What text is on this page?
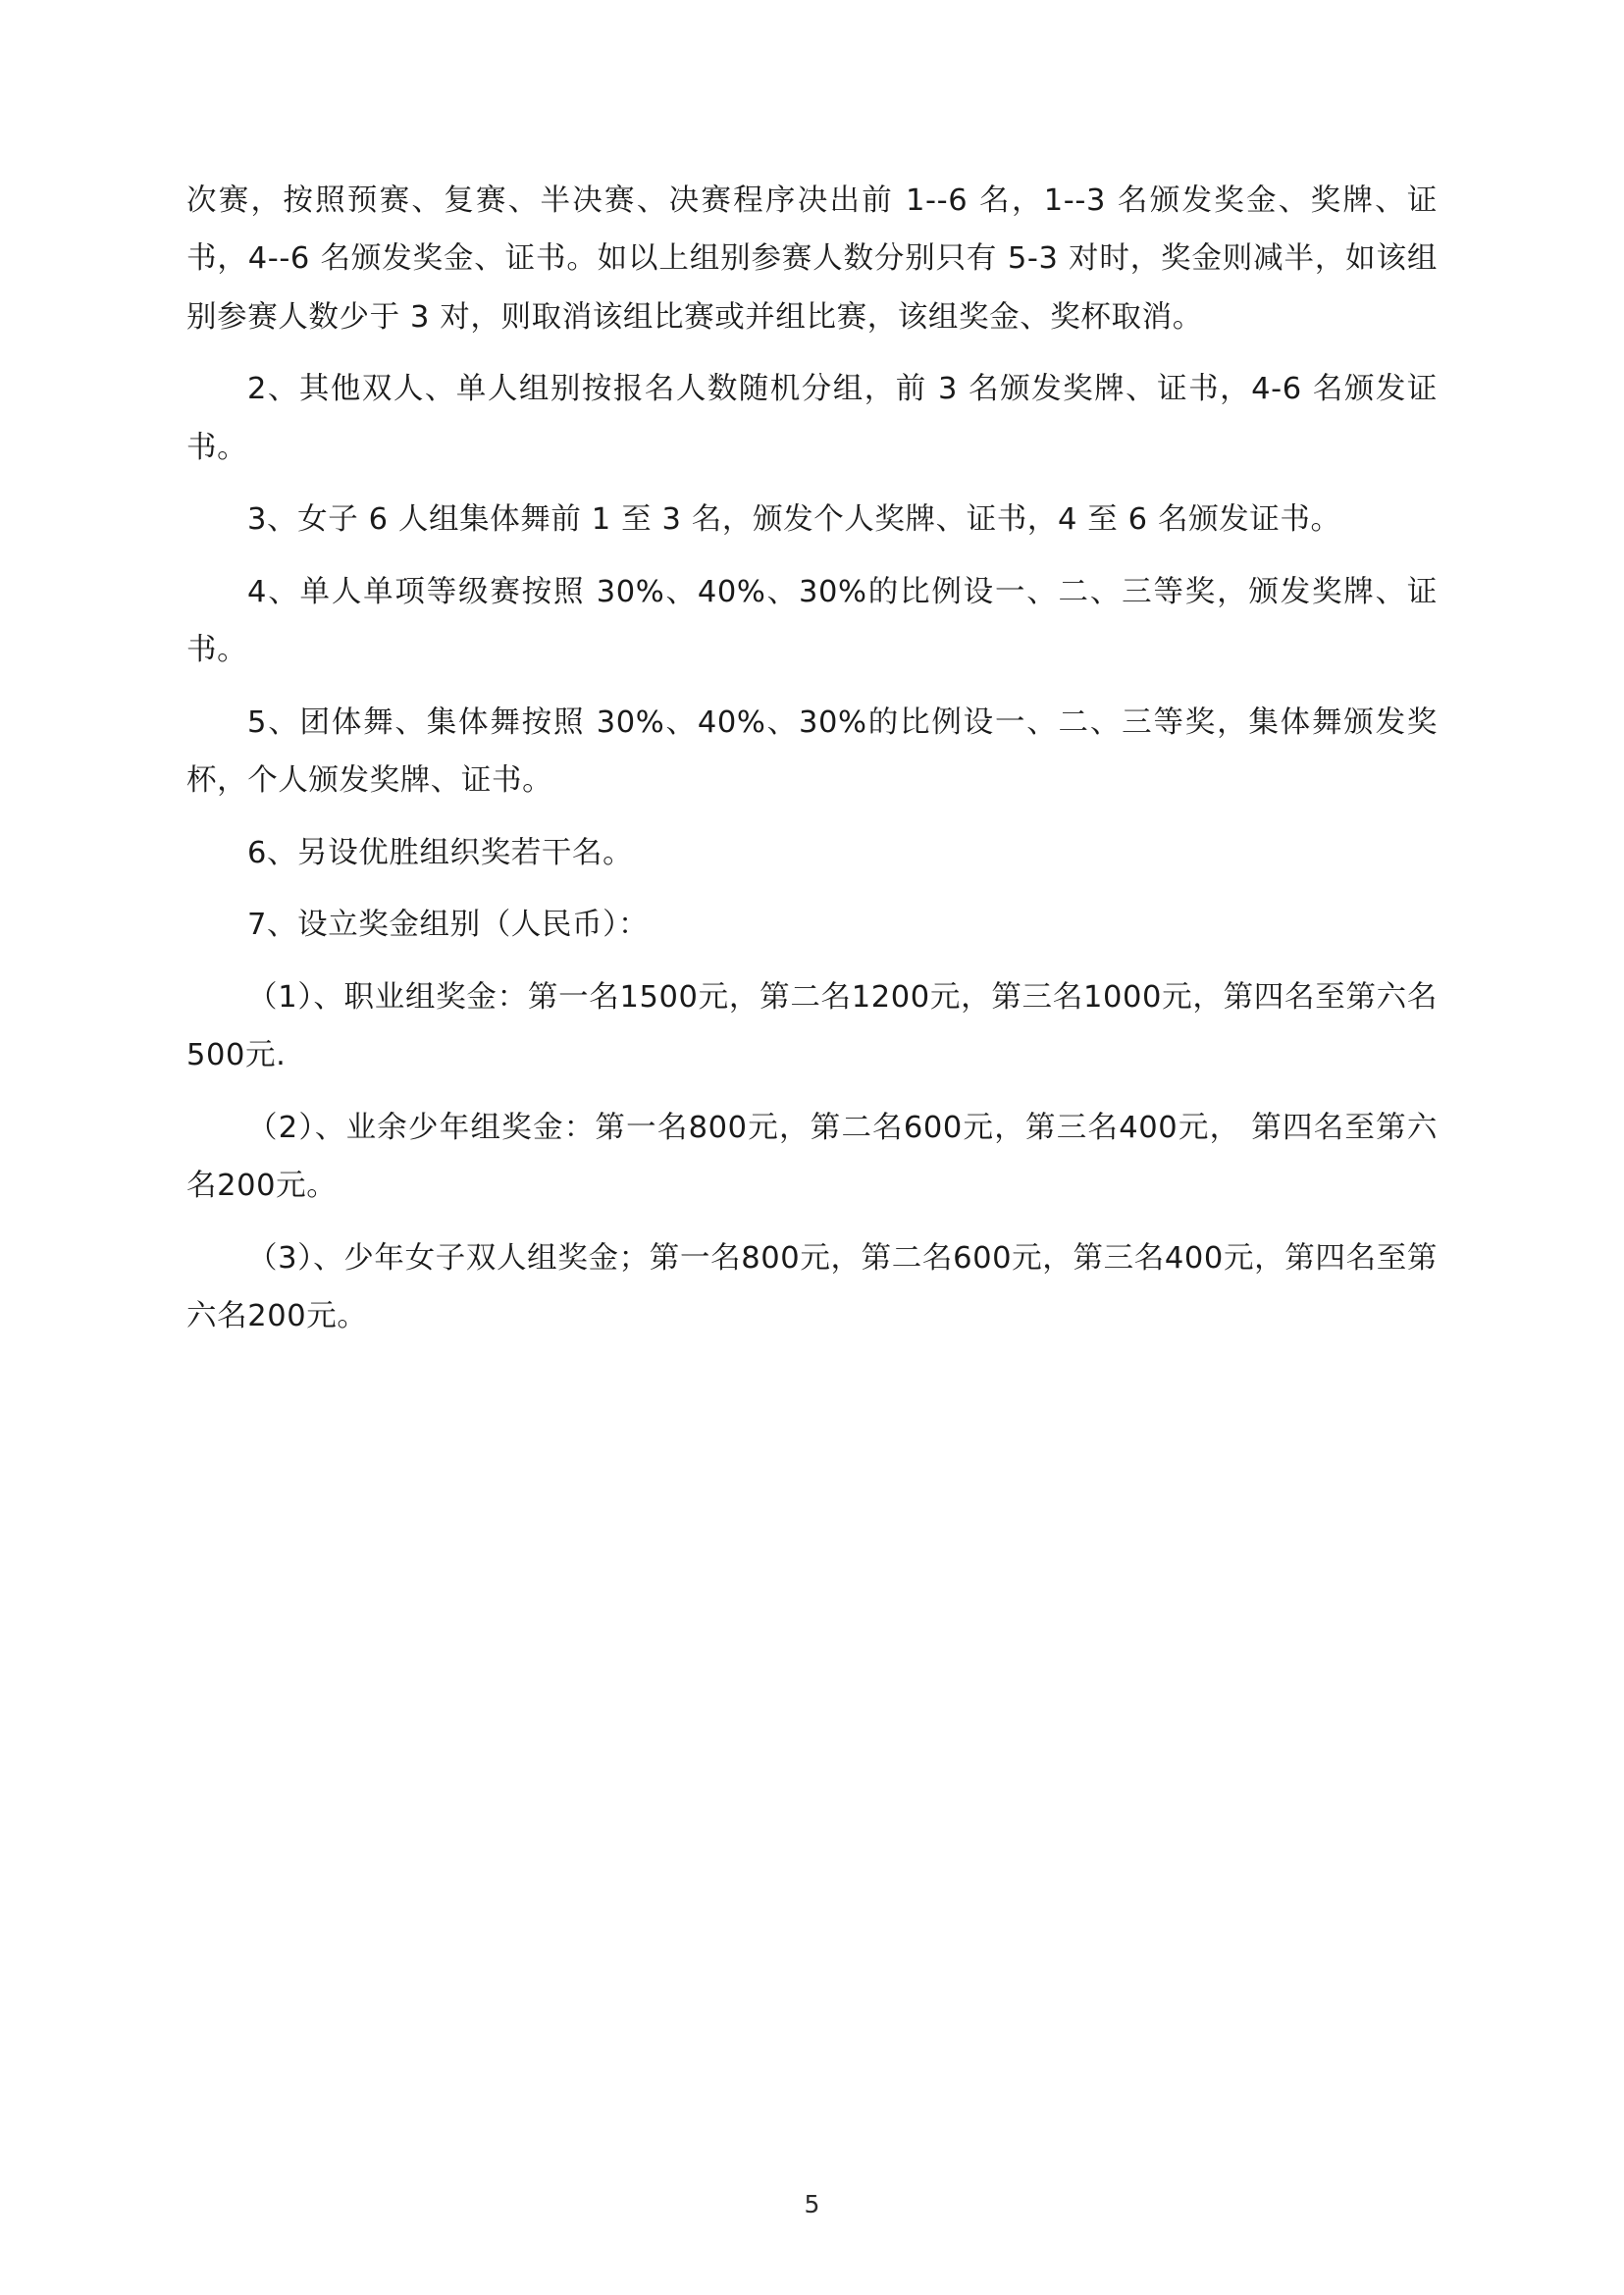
次赛，按照预赛、复赛、半决赛、决赛程序决出前 1--6 名，1--3 名颁发奖金、奖牌、证书，4--6 名颁发奖金、证书。如以上组别参赛人数分别只有 5-3 对时，奖金则减半，如该组别参赛人数少于 3 对，则取消该组比赛或并组比赛，该组奖金、奖杯取消。

2、其他双人、单人组别按报名人数随机分组，前 3 名颁发奖牌、证书，4-6 名颁发证书。

3、女子 6 人组集体舞前 1 至 3 名，颁发个人奖牌、证书，4 至 6 名颁发证书。

4、单人单项等级赛按照 30%、40%、30%的比例设一、二、三等奖，颁发奖牌、证书。

5、团体舞、集体舞按照 30%、40%、30%的比例设一、二、三等奖，集体舞颁发奖杯，个人颁发奖牌、证书。

6、另设优胜组织奖若干名。

7、设立奖金组别（人民币）：

（1）、职业组奖金：第一名1500元，第二名1200元，第三名1000元，第四名至第六名500元.

（2）、业余少年组奖金：第一名800元，第二名600元，第三名400元， 第四名至第六名200元。

（3）、少年女子双人组奖金；第一名800元，第二名600元，第三名400元，第四名至第六名200元。

5
